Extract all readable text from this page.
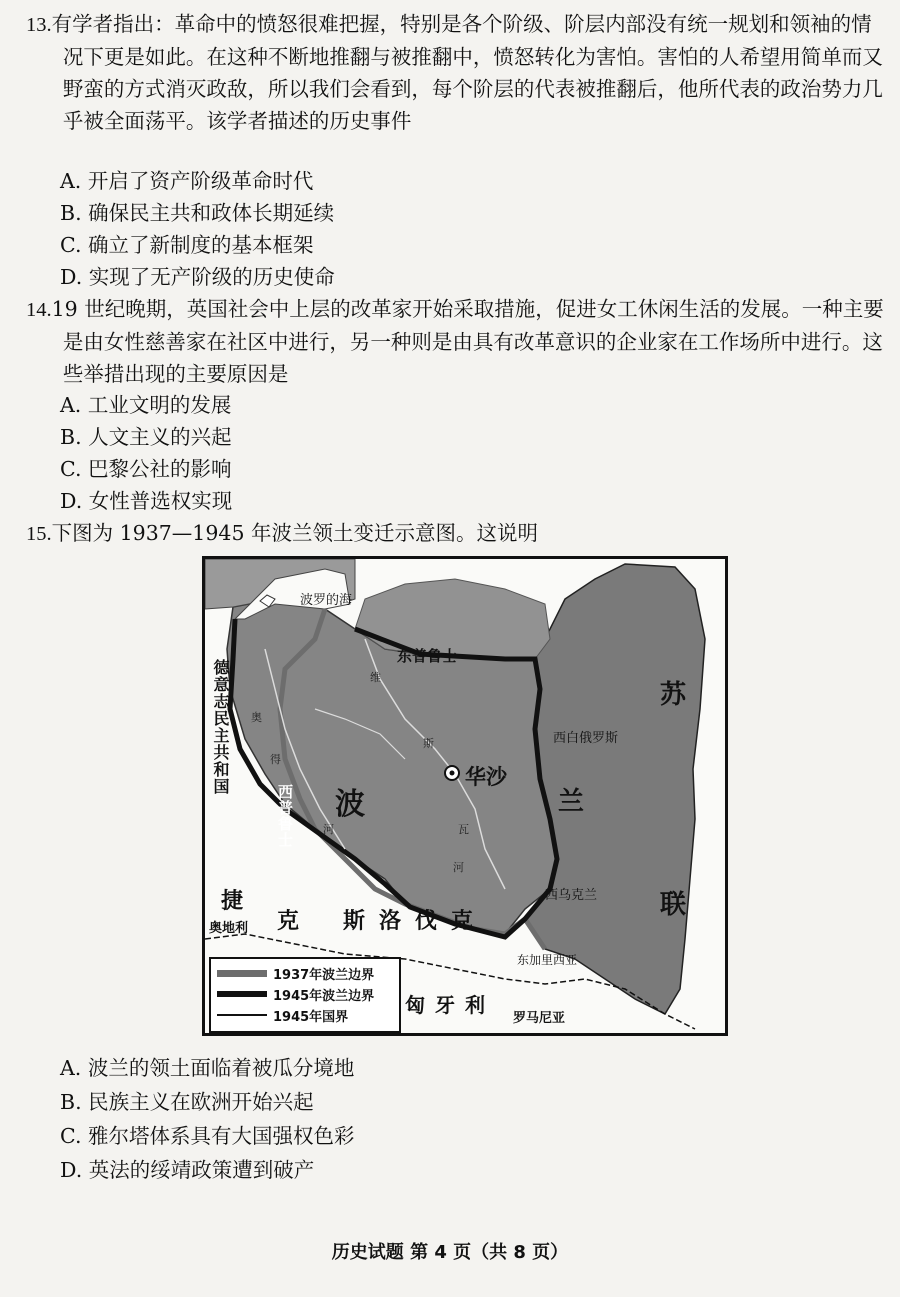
13.有学者指出：革命中的愤怒很难把握，特别是各个阶级、阶层内部没有统一规划和领袖的情况下更是如此。在这种不断地推翻与被推翻中，愤怒转化为害怕。害怕的人希望用简单而又野蛮的方式消灭政敌，所以我们会看到，每个阶层的代表被推翻后，他所代表的政治势力几乎被全面荡平。该学者描述的历史事件

A. 开启了资产阶级革命时代
B. 确保民主共和政体长期延续
C. 确立了新制度的基本框架
D. 实现了无产阶级的历史使命

14.19 世纪晚期，英国社会中上层的改革家开始采取措施，促进女工休闲生活的发展。一种主要是由女性慈善家在社区中进行，另一种则是由具有改革意识的企业家在工作场所中进行。这些举措出现的主要原因是

A. 工业文明的发展
B. 人文主义的兴起
C. 巴黎公社的影响
D. 女性普选权实现

15.下图为 1937—1945 年波兰领土变迁示意图。这说明

波罗的海
东普鲁士
德意志民主共和国	华沙
波	兰
苏
联
西白俄罗斯
西乌克兰
东加里西亚
捷
克
奥地利	斯洛伐克
匈牙利
罗马尼亚
西普鲁士
奥
维
斯
瓦
河
得
河
1937年波兰边界
1945年波兰边界
1945年国界
A. 波兰的领土面临着被瓜分境地
B. 民族主义在欧洲开始兴起
C. 雅尔塔体系具有大国强权色彩
D. 英法的绥靖政策遭到破产
历史试题 第 4 页（共 8 页）
